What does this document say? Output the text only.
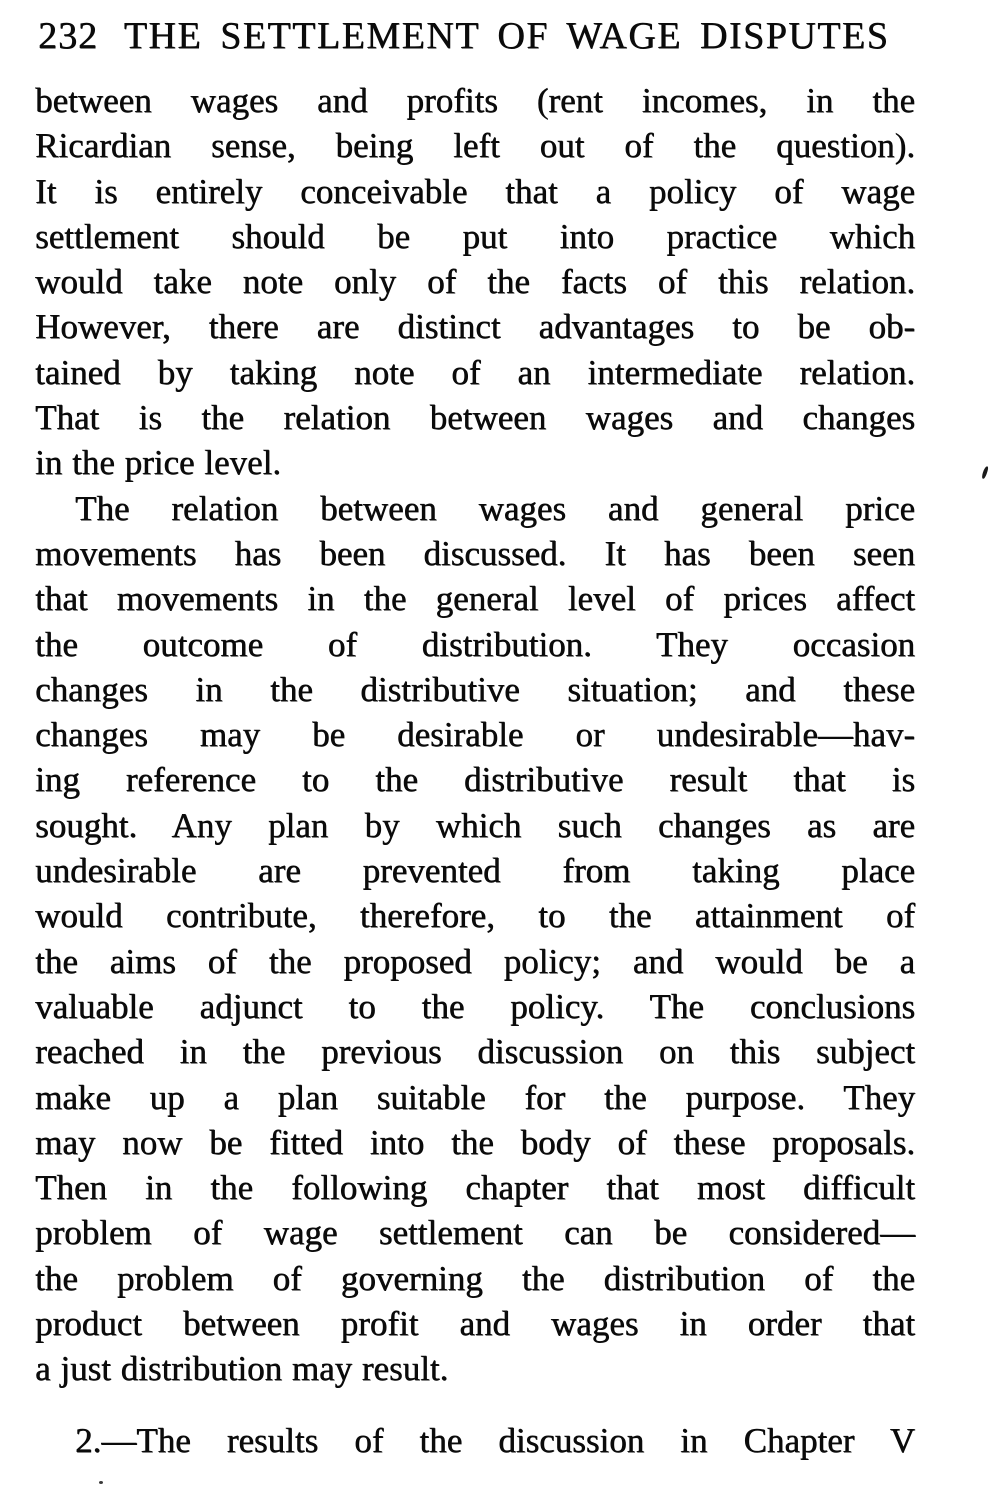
232 THE SETTLEMENT OF WAGE DISPUTES
between wages and profits (rent incomes, in the
Ricardian sense, being left out of the question).
It is entirely conceivable that a policy of wage
settlement should be put into practice which
would take note only of the facts of this relation.
However, there are distinct advantages to be ob-
tained by taking note of an intermediate relation.
That is the relation between wages and changes
in the price level.
The relation between wages and general price
movements has been discussed. It has been seen
that movements in the general level of prices affect
the outcome of distribution. They occasion
changes in the distributive situation; and these
changes may be desirable or undesirable—hav-
ing reference to the distributive result that is
sought. Any plan by which such changes as are
undesirable are prevented from taking place
would contribute, therefore, to the attainment of
the aims of the proposed policy; and would be a
valuable adjunct to the policy. The conclusions
reached in the previous discussion on this subject
make up a plan suitable for the purpose. They
may now be fitted into the body of these proposals.
Then in the following chapter that most difficult
problem of wage settlement can be considered—
the problem of governing the distribution of the
product between profit and wages in order that
a just distribution may result.
2.—The results of the discussion in Chapter V
